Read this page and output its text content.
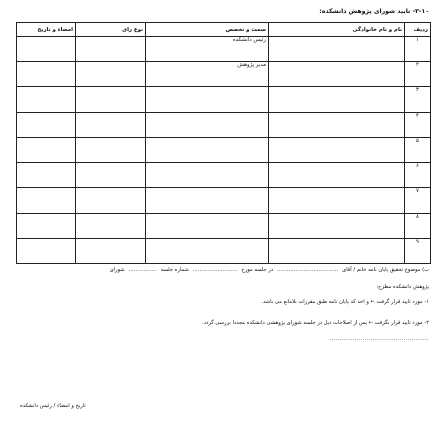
۲-۱۰- تایید شورای پژوهش دانشکده:
ردیف	نام و نام خانوادگی	سمت و تخصص	نوع رای	امضاء و تاریخ
۱		رئیس دانشکده		
۲		مدیر پژوهش		
۳				
۴				
۵				
۶				
۷				
۸				
۹				
ب) موضوع تحقیق پایان نامه خانم / آقای.....................................در جلسه مورخ...........................شماره جلسه.................شورای
پژوهش دانشکده مطرح:
۱- مورد تایید قرار گرفت ← و اخذ کد پایان نامه طبق مقررات بلامانع می باشد.
۲- مورد تایید قرار نگرفت ← پس از اصلاحات ذیل در جلسه شورای پژوهشی دانشکده مجددا بررسی گردد.
...................................................
تاریخ و امضاء / رئیس دانشکده
